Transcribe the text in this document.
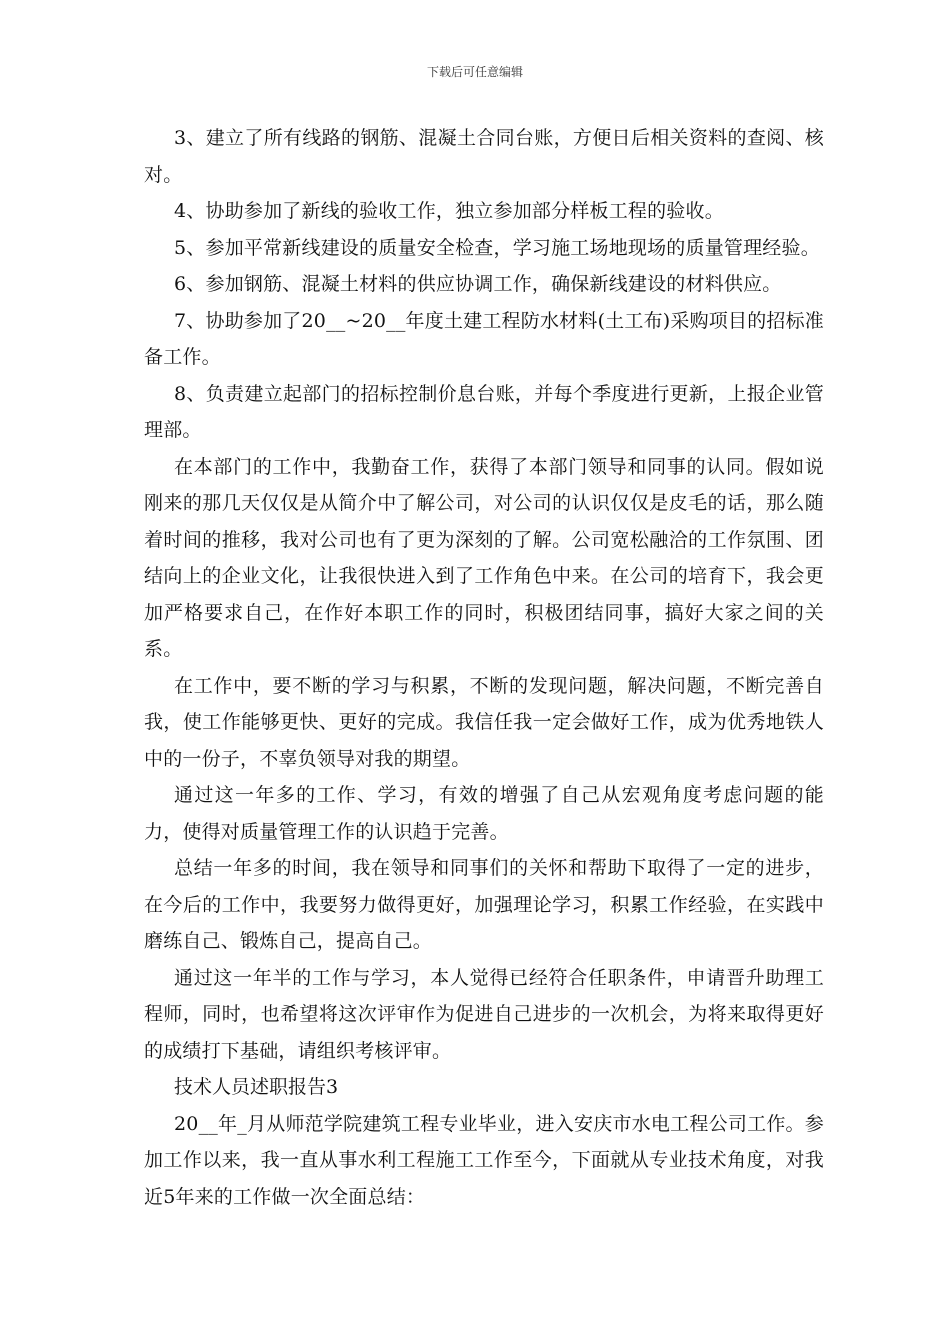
下载后可任意编辑

3、建立了所有线路的钢筋、混凝土合同台账，方便日后相关资料的查阅、核对。

4、协助参加了新线的验收工作，独立参加部分样板工程的验收。

5、参加平常新线建设的质量安全检查，学习施工场地现场的质量管理经验。

6、参加钢筋、混凝土材料的供应协调工作，确保新线建设的材料供应。

7、协助参加了20__~20__年度土建工程防水材料(土工布)采购项目的招标准备工作。

8、负责建立起部门的招标控制价息台账，并每个季度进行更新，上报企业管理部。

在本部门的工作中，我勤奋工作，获得了本部门领导和同事的认同。假如说刚来的那几天仅仅是从简介中了解公司，对公司的认识仅仅是皮毛的话，那么随着时间的推移，我对公司也有了更为深刻的了解。公司宽松融洽的工作氛围、团结向上的企业文化，让我很快进入到了工作角色中来。在公司的培育下，我会更加严格要求自己，在作好本职工作的同时，积极团结同事，搞好大家之间的关系。

在工作中，要不断的学习与积累，不断的发现问题，解决问题，不断完善自我，使工作能够更快、更好的完成。我信任我一定会做好工作，成为优秀地铁人中的一份子，不辜负领导对我的期望。

通过这一年多的工作、学习，有效的增强了自己从宏观角度考虑问题的能力，使得对质量管理工作的认识趋于完善。

总结一年多的时间，我在领导和同事们的关怀和帮助下取得了一定的进步，在今后的工作中，我要努力做得更好，加强理论学习，积累工作经验，在实践中磨练自己、锻炼自己，提高自己。

通过这一年半的工作与学习，本人觉得已经符合任职条件，申请晋升助理工程师，同时，也希望将这次评审作为促进自己进步的一次机会，为将来取得更好的成绩打下基础，请组织考核评审。

技术人员述职报告3

20__年_月从师范学院建筑工程专业毕业，进入安庆市水电工程公司工作。参加工作以来，我一直从事水利工程施工工作至今，下面就从专业技术角度，对我近5年来的工作做一次全面总结：
